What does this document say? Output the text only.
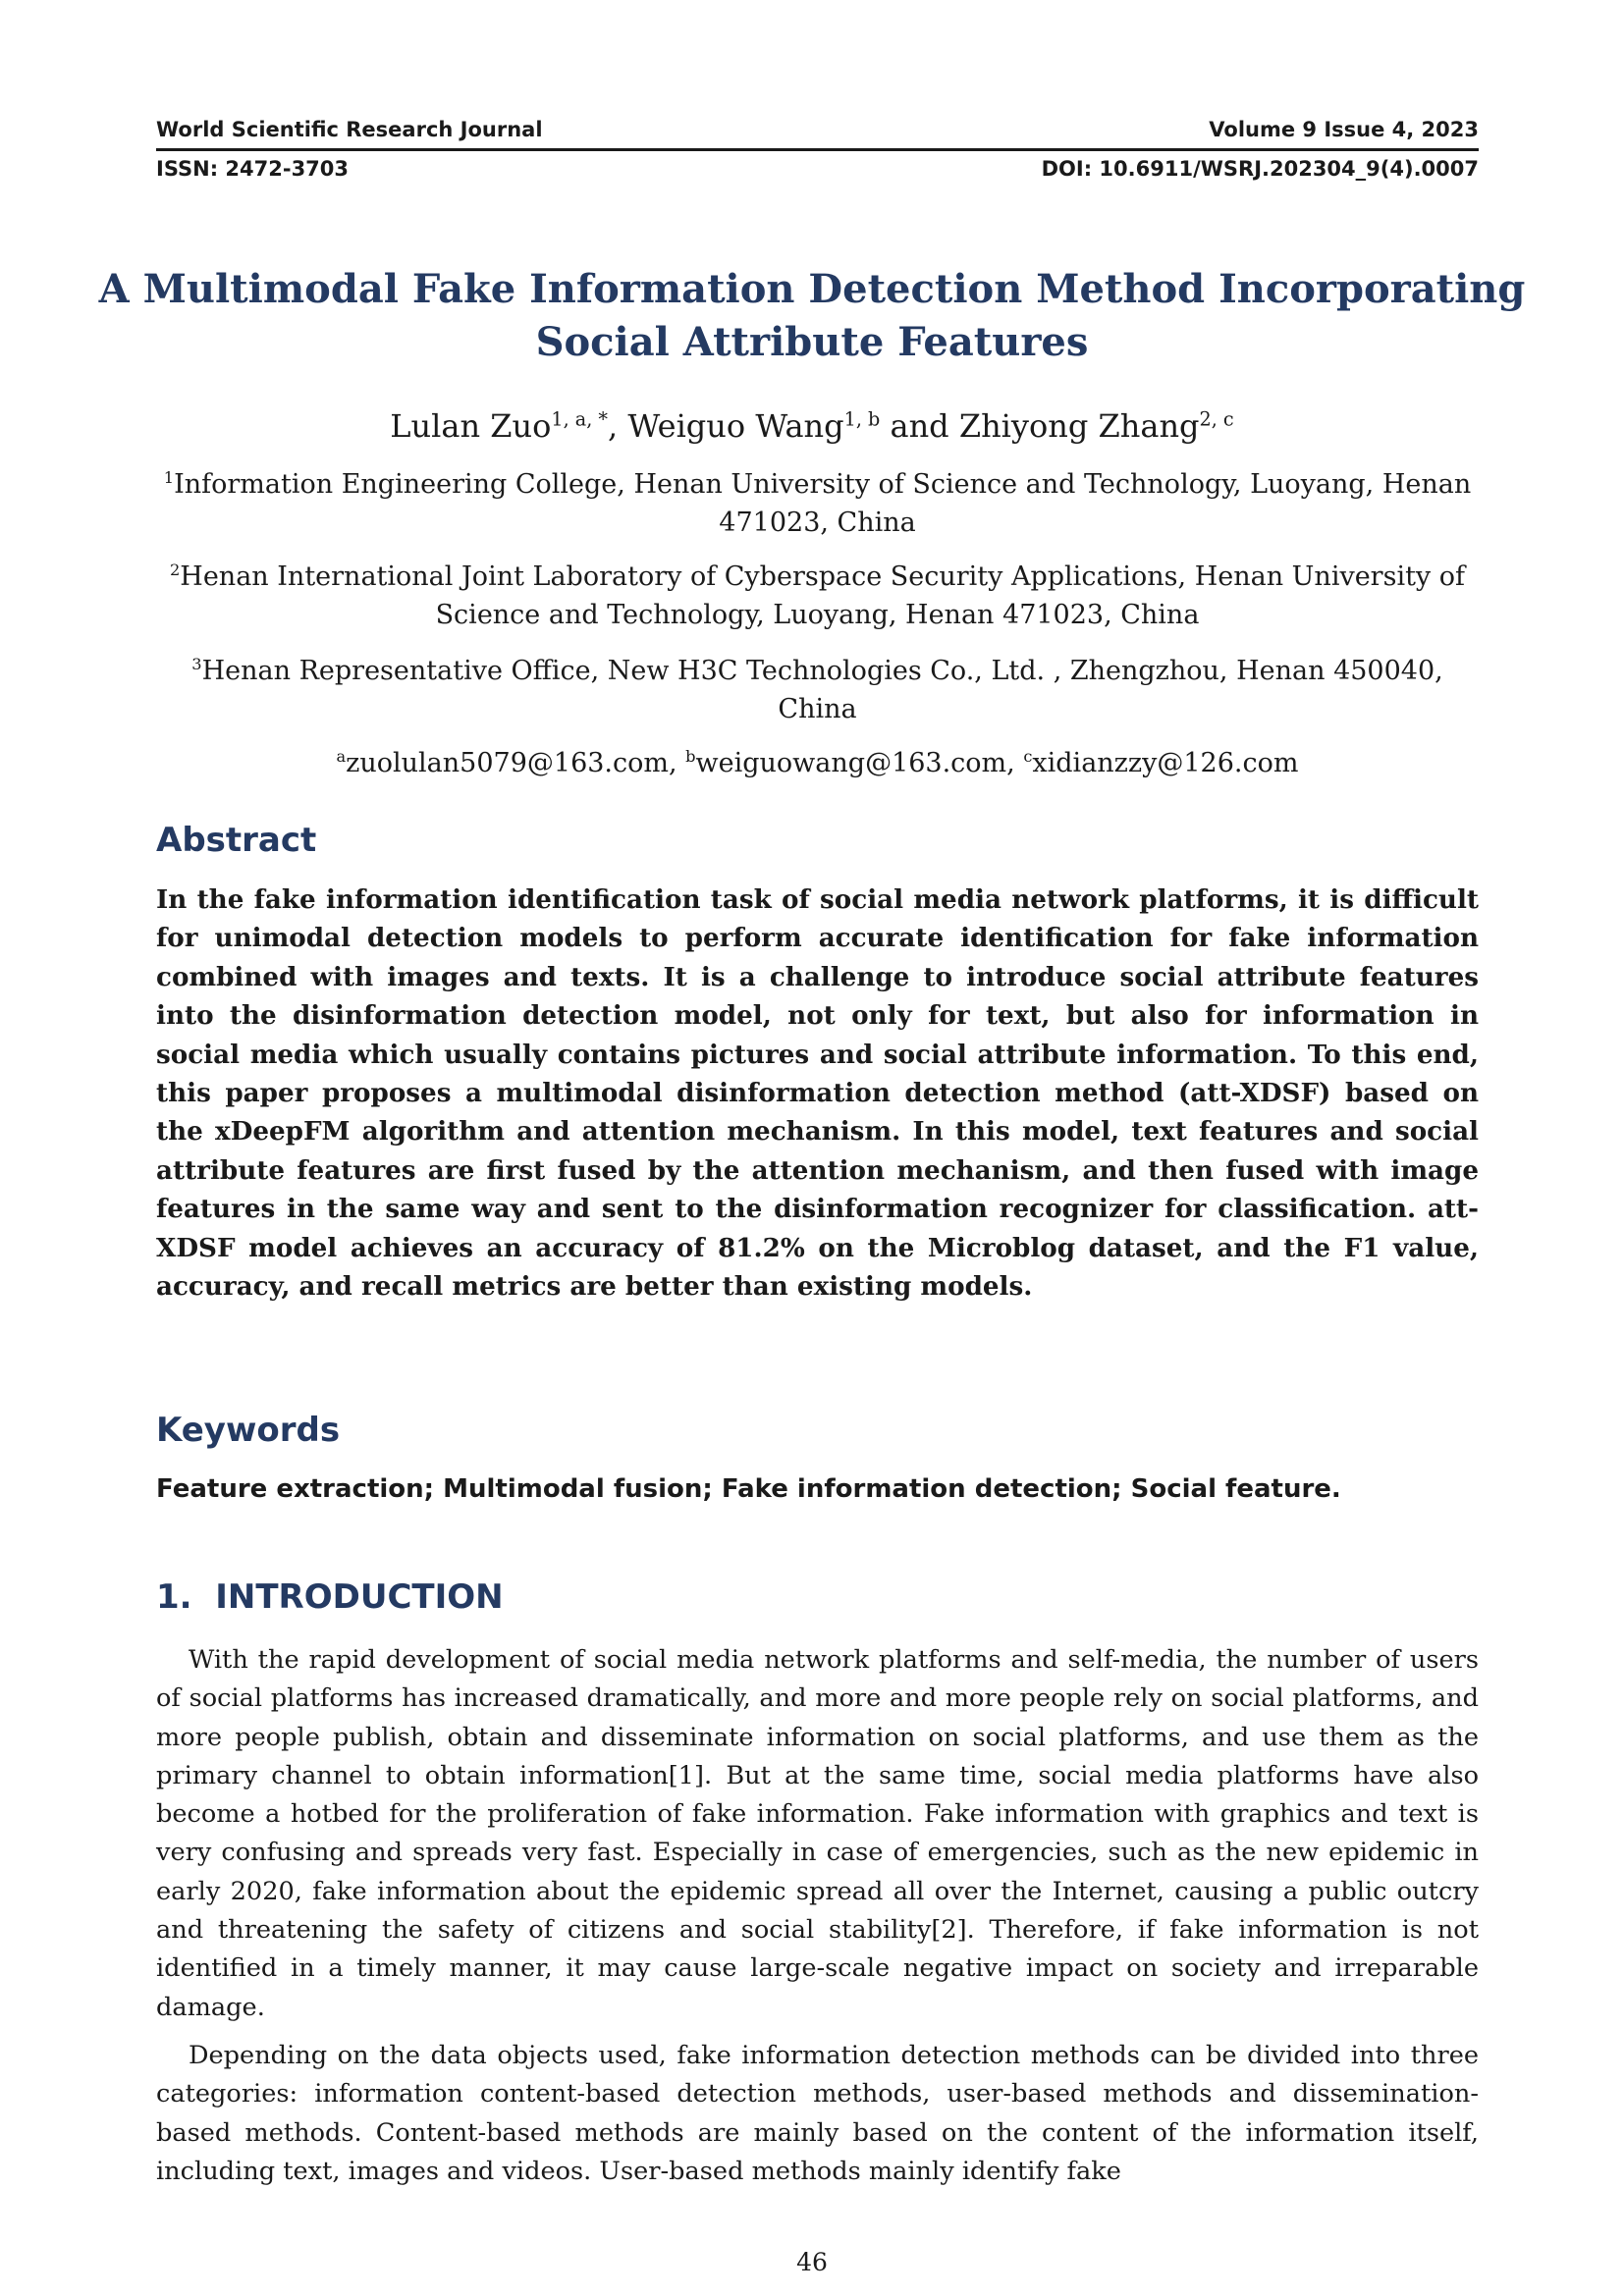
World Scientific Research Journal	Volume 9 Issue 4, 2023
ISSN: 2472-3703	DOI: 10.6911/WSRJ.202304_9(4).0007
A Multimodal Fake Information Detection Method Incorporating Social Attribute Features
Lulan Zuo$^{1, a, *}$, Weiguo Wang$^{1, b}$ and Zhiyong Zhang$^{2, c}$

$^1$Information Engineering College, Henan University of Science and Technology, Luoyang, Henan 471023, China

$^2$Henan International Joint Laboratory of Cyberspace Security Applications, Henan University of Science and Technology, Luoyang, Henan 471023, China

$^3$Henan Representative Office, New H3C Technologies Co., Ltd. , Zhengzhou, Henan 450040, China

$^a$zuolulan5079@163.com, $^b$weiguowang@163.com, $^c$xidianzzy@126.com
Abstract

In the fake information identification task of social media network platforms, it is difficult for unimodal detection models to perform accurate identification for fake information combined with images and texts. It is a challenge to introduce social attribute features into the disinformation detection model, not only for text, but also for information in social media which usually contains pictures and social attribute information. To this end, this paper proposes a multimodal disinformation detection method (att-XDSF) based on the xDeepFM algorithm and attention mechanism. In this model, text features and social attribute features are first fused by the attention mechanism, and then fused with image features in the same way and sent to the disinformation recognizer for classification. att-XDSF model achieves an accuracy of 81.2% on the Microblog dataset, and the F1 value, accuracy, and recall metrics are better than existing models.

Keywords

Feature extraction; Multimodal fusion; Fake information detection; Social feature.

1.  INTRODUCTION

With the rapid development of social media network platforms and self-media, the number of users of social platforms has increased dramatically, and more and more people rely on social platforms, and more people publish, obtain and disseminate information on social platforms, and use them as the primary channel to obtain information[1]. But at the same time, social media platforms have also become a hotbed for the proliferation of fake information. Fake information with graphics and text is very confusing and spreads very fast. Especially in case of emergencies, such as the new epidemic in early 2020, fake information about the epidemic spread all over the Internet, causing a public outcry and threatening the safety of citizens and social stability[2]. Therefore, if fake information is not identified in a timely manner, it may cause large-scale negative impact on society and irreparable damage.

Depending on the data objects used, fake information detection methods can be divided into three categories: information content-based detection methods, user-based methods and dissemination-based methods. Content-based methods are mainly based on the content of the information itself, including text, images and videos. User-based methods mainly identify fake

46
